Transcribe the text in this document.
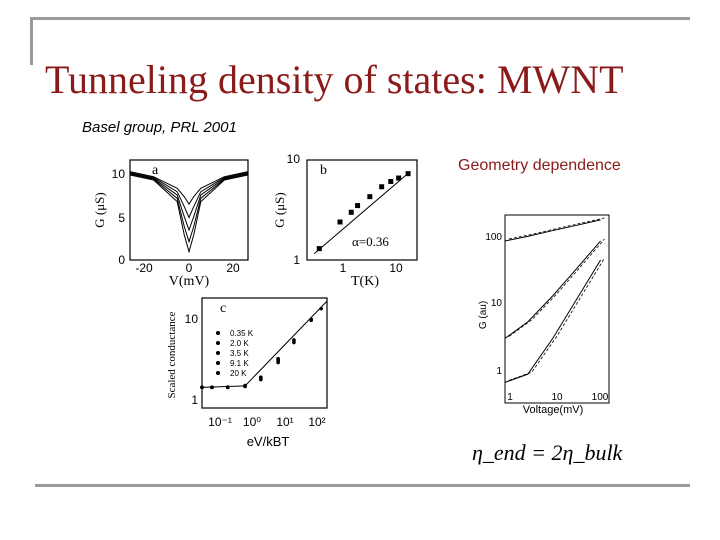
Tunneling density of states: MWNT
Basel group, PRL 2001
Geometry dependence
a
10
5
0
-20	0	20
V(mV)
G (μS)
b
10
1
1	10
T(K)
G (μS)
α=0.36
c
10
1
10⁻¹ 10⁰ 10¹ 10²
eV/kBT
Scaled conductance	0.35 K
2.0 K
3.5 K
9.1 K
20 K
100
10
1
1	10	100
Voltage(mV)
G (au)
η_end = 2η_bulk
